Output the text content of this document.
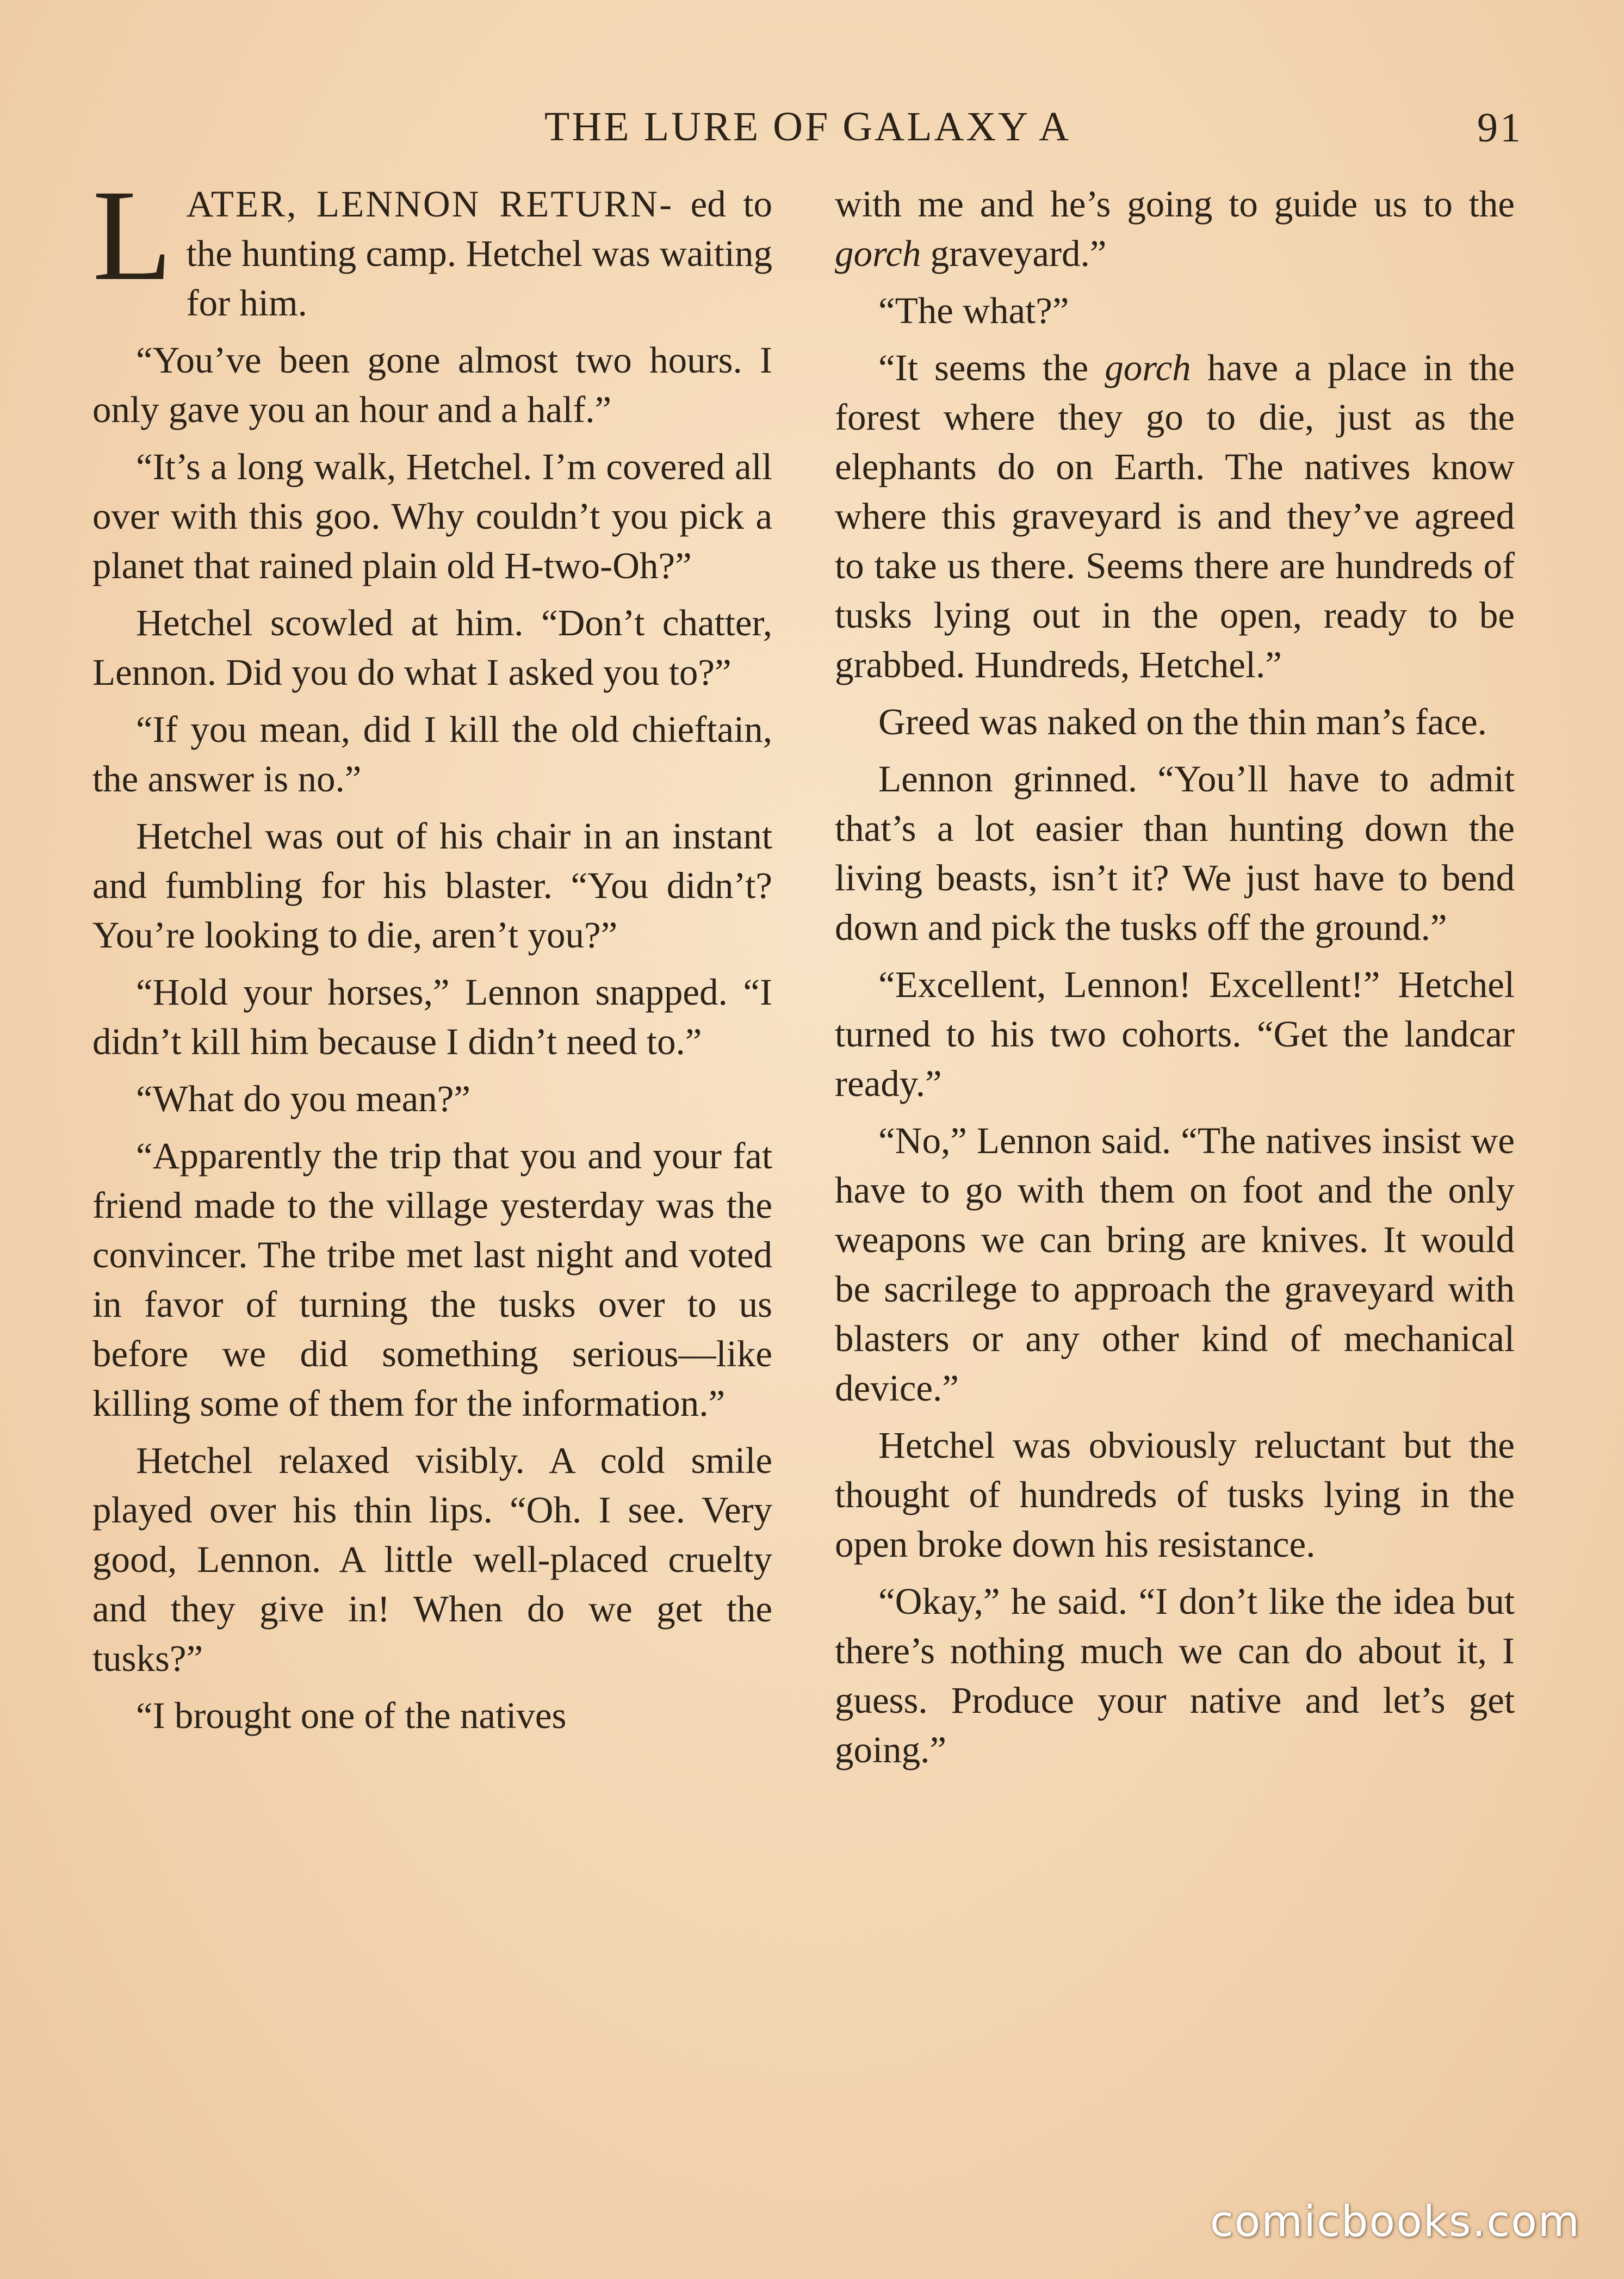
THE LURE OF GALAXY A	91

LATER, LENNON RETURN- ed to the hunting camp. Hetchel was waiting for him.

“You’ve been gone almost two hours. I only gave you an hour and a half.”

“It’s a long walk, Hetchel. I’m covered all over with this goo. Why couldn’t you pick a planet that rained plain old H-two-Oh?”

Hetchel scowled at him. “Don’t chatter, Lennon. Did you do what I asked you to?”

“If you mean, did I kill the old chieftain, the answer is no.”

Hetchel was out of his chair in an instant and fumbling for his blaster. “You didn’t? You’re looking to die, aren’t you?”

“Hold your horses,” Lennon snapped. “I didn’t kill him because I didn’t need to.”

“What do you mean?”

“Apparently the trip that you and your fat friend made to the village yesterday was the convincer. The tribe met last night and voted in favor of turning the tusks over to us before we did something serious—like killing some of them for the information.”

Hetchel relaxed visibly. A cold smile played over his thin lips. “Oh. I see. Very good, Lennon. A little well-placed cruelty and they give in! When do we get the tusks?”

“I brought one of the natives

with me and he’s going to guide us to the gorch graveyard.”

“The what?”

“It seems the gorch have a place in the forest where they go to die, just as the elephants do on Earth. The natives know where this graveyard is and they’ve agreed to take us there. Seems there are hundreds of tusks lying out in the open, ready to be grabbed. Hundreds, Hetchel.”

Greed was naked on the thin man’s face.

Lennon grinned. “You’ll have to admit that’s a lot easier than hunting down the living beasts, isn’t it? We just have to bend down and pick the tusks off the ground.”

“Excellent, Lennon! Excellent!” Hetchel turned to his two cohorts. “Get the landcar ready.”

“No,” Lennon said. “The natives insist we have to go with them on foot and the only weapons we can bring are knives. It would be sacrilege to approach the graveyard with blasters or any other kind of mechanical device.”

Hetchel was obviously reluctant but the thought of hundreds of tusks lying in the open broke down his resistance.

“Okay,” he said. “I don’t like the idea but there’s nothing much we can do about it, I guess. Produce your native and let’s get going.”

comicbooks.com
